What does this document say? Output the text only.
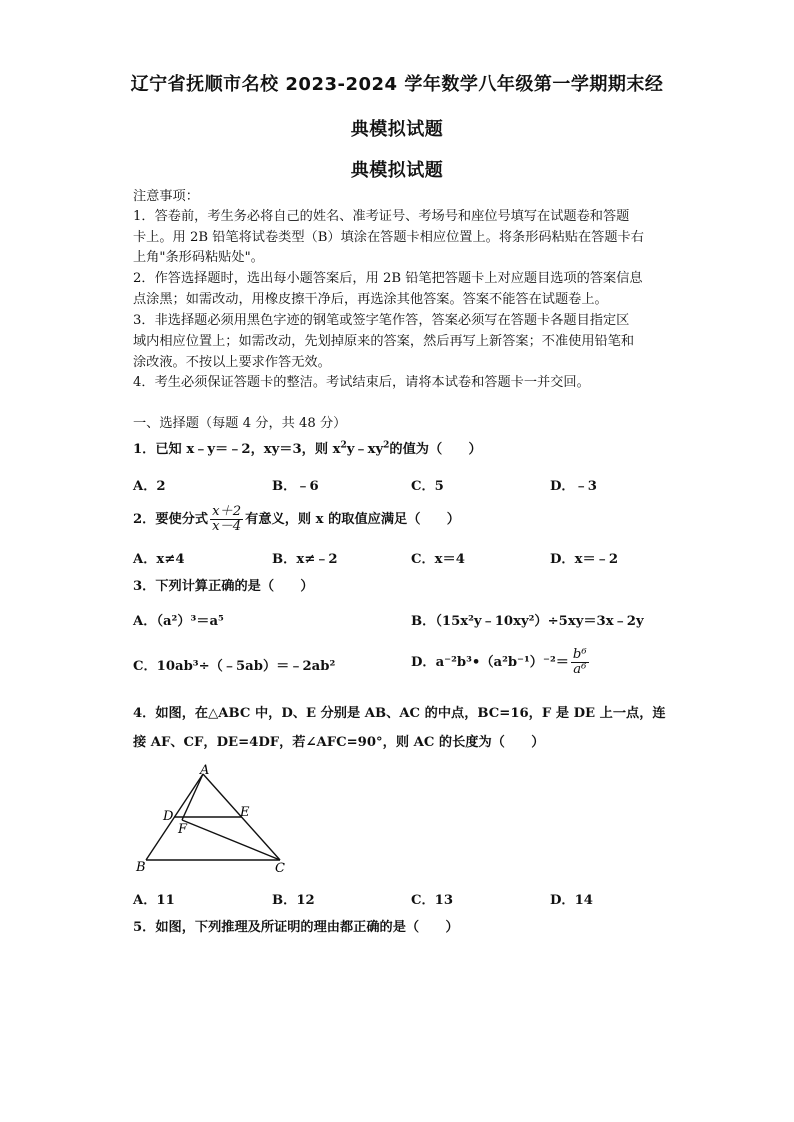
辽宁省抚顺市名校 2023-2024 学年数学八年级第一学期期末经
典模拟试题
典模拟试题
注意事项：
1．答卷前，考生务必将自己的姓名、准考证号、考场号和座位号填写在试题卷和答题
卡上。用 2B 铅笔将试卷类型（B）填涂在答题卡相应位置上。将条形码粘贴在答题卡右
上角"条形码粘贴处"。
2．作答选择题时，选出每小题答案后，用 2B 铅笔把答题卡上对应题目选项的答案信息
点涂黑；如需改动，用橡皮擦干净后，再选涂其他答案。答案不能答在试题卷上。
3．非选择题必须用黑色字迹的钢笔或签字笔作答，答案必须写在答题卡各题目指定区
域内相应位置上；如需改动，先划掉原来的答案，然后再写上新答案；不准使用铅笔和
涂改液。不按以上要求作答无效。
4．考生必须保证答题卡的整洁。考试结束后，请将本试卷和答题卡一并交回。
一、选择题（每题 4 分，共 48 分）
1．已知 x﹣y＝﹣2，xy＝3，则 $x^2y﹣xy^2$的值为（　　）
A．2	B．﹣6	C．5	D．﹣3
2．要使分式 $\frac{x+2}{x-4}$ 有意义，则 x 的取值应满足（　　）
A．x≠4	B．x≠﹣2	C．x＝4	D．x＝﹣2
3．下列计算正确的是（　　）
A．（a²）³＝a⁵	B．（15x²y﹣10xy²）÷5xy＝3x﹣2y
C．10ab³÷（﹣5ab）＝﹣2ab²	D．a⁻²b³•（a²b⁻¹）⁻²＝ $\frac{\text{b⁶}}{\text{a⁶}}$
4．如图，在△ABC 中，D、E 分别是 AB、AC 的中点，BC=16，F 是 DE 上一点，连
接 AF、CF，DE=4DF，若∠AFC=90°，则 AC 的长度为（　　）
A
B	C
D	E
F
A．11	B．12	C．13	D．14
5．如图，下列推理及所证明的理由都正确的是（　　）
